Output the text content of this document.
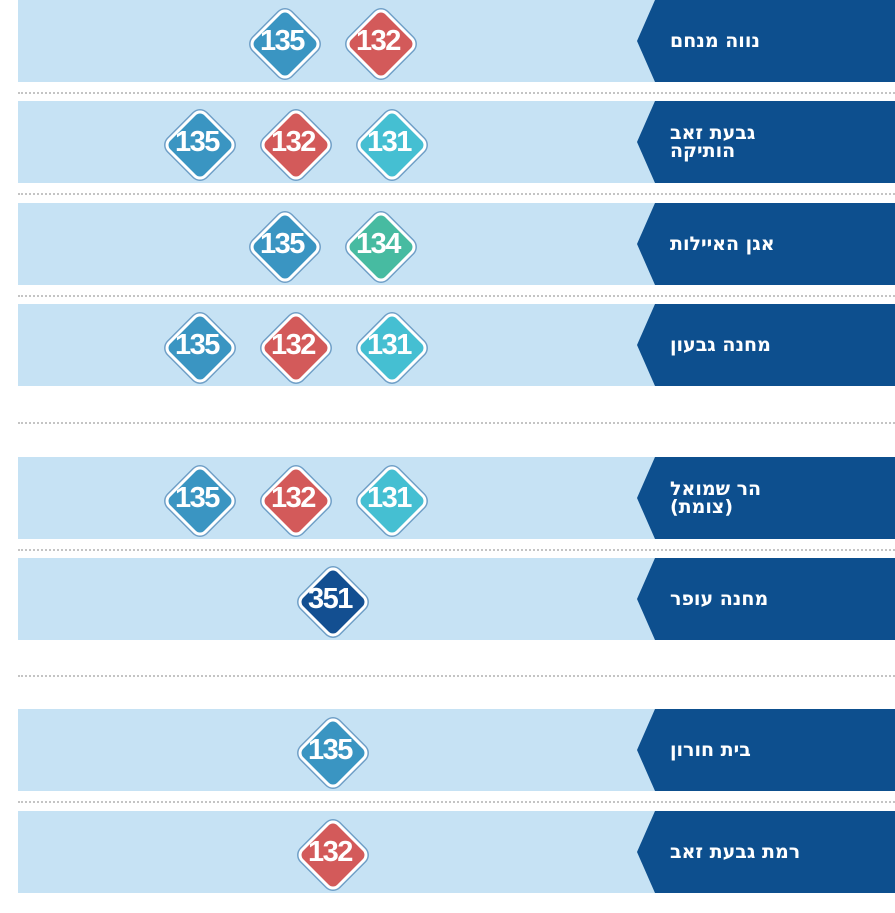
נווה מנחם
132
135
גבעת זאב
הותיקה
131
132
135
אגן האיילות
134
135
מחנה גבעון
131
132
135
הר שמואל
(צומת)
131
132
135
מחנה עופר
351
בית חורון
135
רמת גבעת זאב
132
